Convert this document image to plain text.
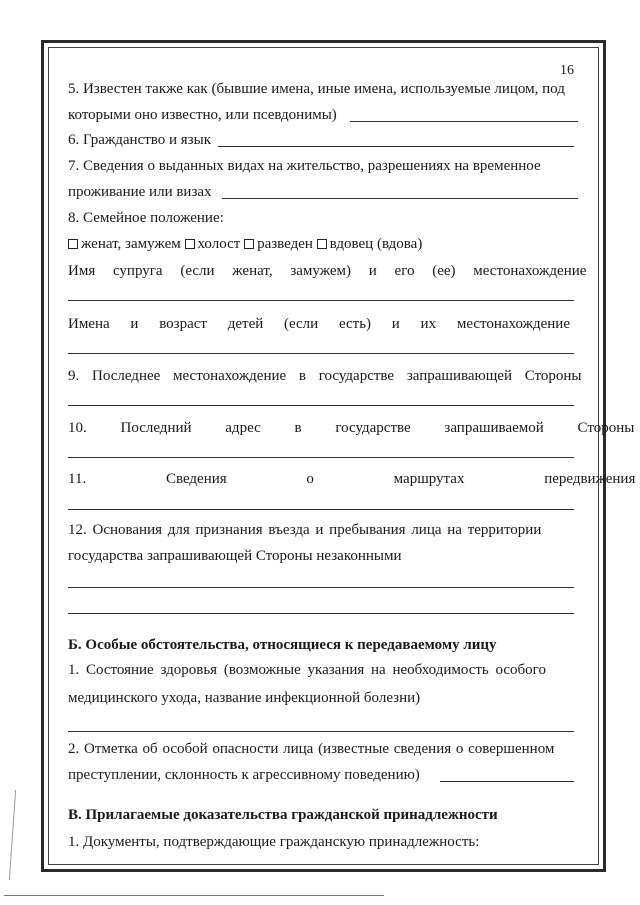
16
5. Известен также как (бывшие имена, иные имена, используемые лицом, под
которыми оно известно, или псевдонимы)
6. Гражданство и язык
7. Сведения о выданных видах на жительство, разрешениях на временное
проживание или визах
8. Семейное положение:
женат, замужем холост разведен вдовец (вдова)
Имя супруга (если женат, замужем) и его (ее) местонахождение
Имена и возраст детей (если есть) и их местонахождение
9. Последнее местонахождение в государстве запрашивающей Стороны
10. Последний адрес в государстве запрашиваемой Стороны
11. Сведения о маршрутах передвижения
12. Основания для признания въезда и пребывания лица на территории
государства запрашивающей Стороны незаконными
Б. Особые обстоятельства, относящиеся к передаваемому лицу
1. Состояние здоровья (возможные указания на необходимость особого
медицинского ухода, название инфекционной болезни)
2. Отметка об особой опасности лица (известные сведения о совершенном
преступлении, склонность к агрессивному поведению)
В. Прилагаемые доказательства гражданской принадлежности
1. Документы, подтверждающие гражданскую принадлежность:
